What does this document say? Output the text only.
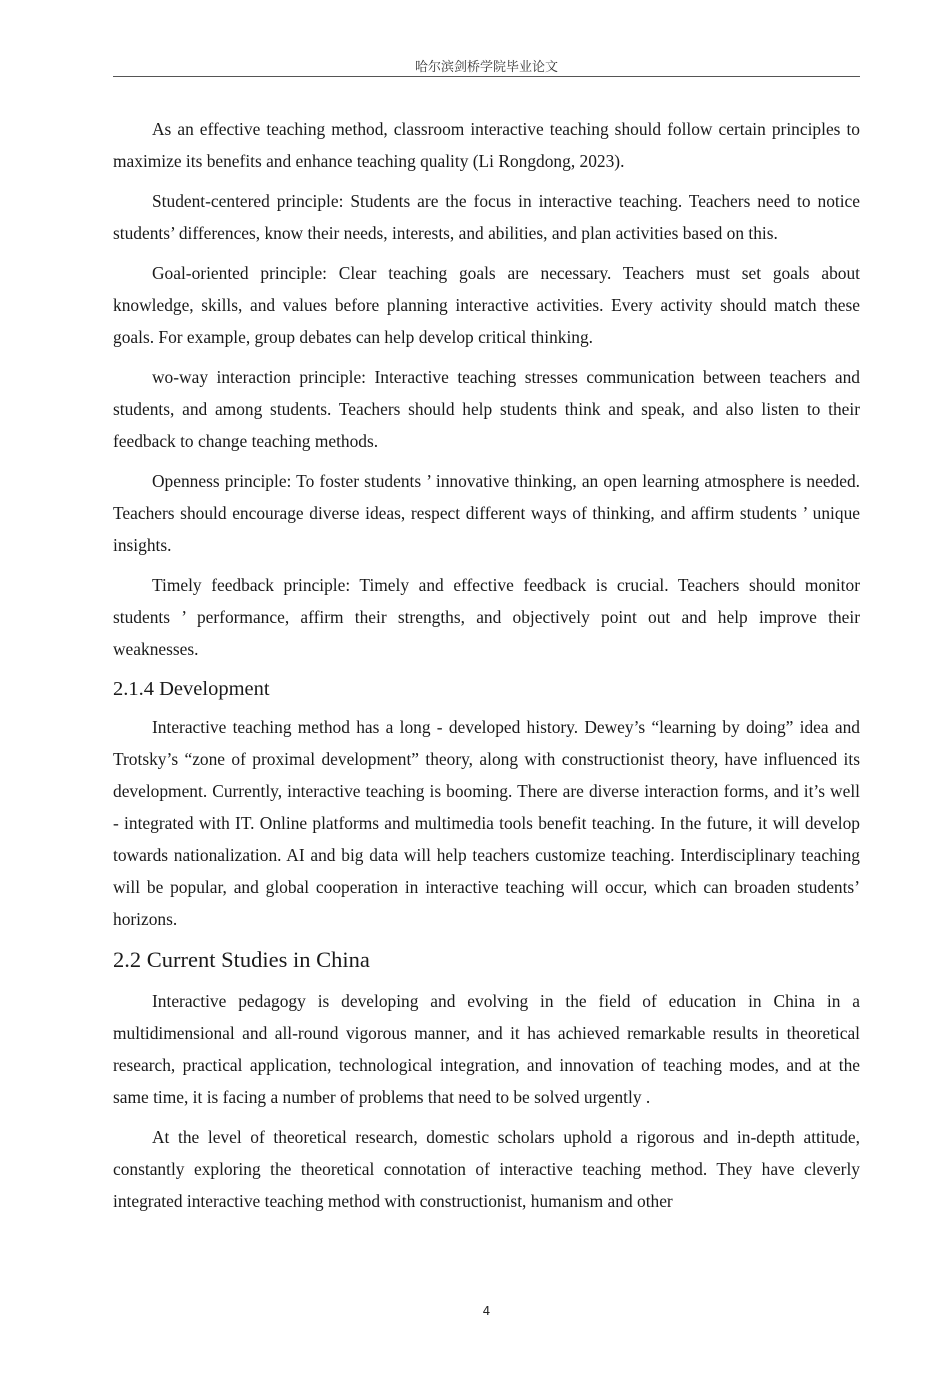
哈尔滨剑桥学院毕业论文

As an effective teaching method, classroom interactive teaching should follow certain principles to maximize its benefits and enhance teaching quality (Li Rongdong, 2023).

Student-centered principle: Students are the focus in interactive teaching. Teachers need to notice students’ differences, know their needs, interests, and abilities, and plan activities based on this.

Goal-oriented principle: Clear teaching goals are necessary. Teachers must set goals about knowledge, skills, and values before planning interactive activities. Every activity should match these goals. For example, group debates can help develop critical thinking.

wo-way interaction principle: Interactive teaching stresses communication between teachers and students, and among students. Teachers should help students think and speak, and also listen to their feedback to change teaching methods.

Openness principle: To foster students ’ innovative thinking, an open learning atmosphere is needed. Teachers should encourage diverse ideas, respect different ways of thinking, and affirm students ’ unique insights.

Timely feedback principle: Timely and effective feedback is crucial. Teachers should monitor students ’ performance, affirm their strengths, and objectively point out and help improve their weaknesses.

2.1.4 Development

Interactive teaching method has a long - developed history. Dewey’s “learning by doing” idea and Trotsky’s “zone of proximal development” theory, along with constructionist theory, have influenced its development. Currently, interactive teaching is booming. There are diverse interaction forms, and it’s well - integrated with IT. Online platforms and multimedia tools benefit teaching. In the future, it will develop towards nationalization. AI and big data will help teachers customize teaching. Interdisciplinary teaching will be popular, and global cooperation in interactive teaching will occur, which can broaden students’ horizons.

2.2 Current Studies in China

Interactive pedagogy is developing and evolving in the field of education in China in a multidimensional and all-round vigorous manner, and it has achieved remarkable results in theoretical research, practical application, technological integration, and innovation of teaching modes, and at the same time, it is facing a number of problems that need to be solved urgently .

At the level of theoretical research, domestic scholars uphold a rigorous and in-depth attitude, constantly exploring the theoretical connotation of interactive teaching method. They have cleverly integrated interactive teaching method with constructionist, humanism and other

4
